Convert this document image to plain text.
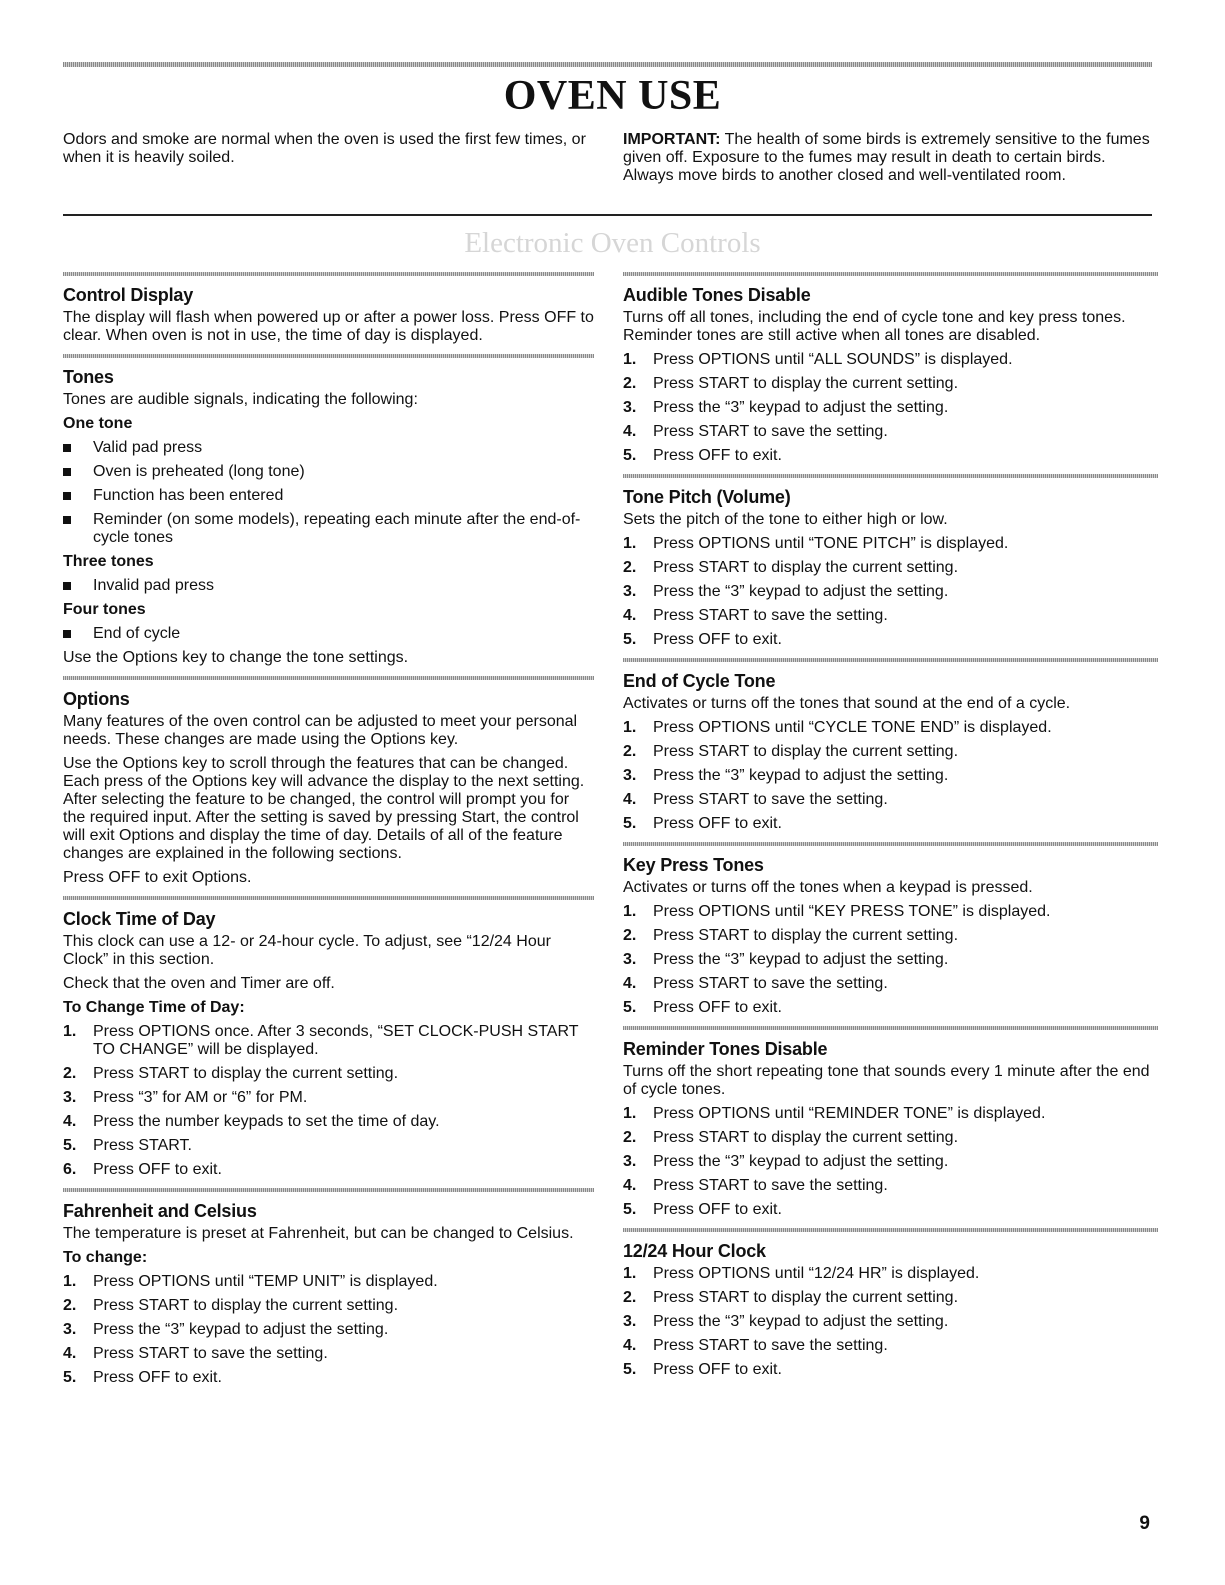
OVEN USE
Odors and smoke are normal when the oven is used the first few times, or when it is heavily soiled.
IMPORTANT: The health of some birds is extremely sensitive to the fumes given off. Exposure to the fumes may result in death to certain birds. Always move birds to another closed and well-ventilated room.
Electronic Oven Controls
Control Display
The display will flash when powered up or after a power loss. Press OFF to clear. When oven is not in use, the time of day is displayed.
Tones
Tones are audible signals, indicating the following:
One tone
Valid pad press
Oven is preheated (long tone)
Function has been entered
Reminder (on some models), repeating each minute after the end-of-cycle tones
Three tones
Invalid pad press
Four tones
End of cycle
Use the Options key to change the tone settings.
Options
Many features of the oven control can be adjusted to meet your personal needs. These changes are made using the Options key.
Use the Options key to scroll through the features that can be changed. Each press of the Options key will advance the display to the next setting. After selecting the feature to be changed, the control will prompt you for the required input. After the setting is saved by pressing Start, the control will exit Options and display the time of day. Details of all of the feature changes are explained in the following sections.
Press OFF to exit Options.
Clock Time of Day
This clock can use a 12- or 24-hour cycle. To adjust, see “12/24 Hour Clock” in this section.
Check that the oven and Timer are off.
To Change Time of Day:
1. Press OPTIONS once. After 3 seconds, “SET CLOCK-PUSH START TO CHANGE” will be displayed.
2. Press START to display the current setting.
3. Press “3” for AM or “6” for PM.
4. Press the number keypads to set the time of day.
5. Press START.
6. Press OFF to exit.
Fahrenheit and Celsius
The temperature is preset at Fahrenheit, but can be changed to Celsius.
To change:
1. Press OPTIONS until “TEMP UNIT” is displayed.
2. Press START to display the current setting.
3. Press the “3” keypad to adjust the setting.
4. Press START to save the setting.
5. Press OFF to exit.
Audible Tones Disable
Turns off all tones, including the end of cycle tone and key press tones. Reminder tones are still active when all tones are disabled.
1. Press OPTIONS until “ALL SOUNDS” is displayed.
2. Press START to display the current setting.
3. Press the “3” keypad to adjust the setting.
4. Press START to save the setting.
5. Press OFF to exit.
Tone Pitch (Volume)
Sets the pitch of the tone to either high or low.
1. Press OPTIONS until “TONE PITCH” is displayed.
2. Press START to display the current setting.
3. Press the “3” keypad to adjust the setting.
4. Press START to save the setting.
5. Press OFF to exit.
End of Cycle Tone
Activates or turns off the tones that sound at the end of a cycle.
1. Press OPTIONS until “CYCLE TONE END” is displayed.
2. Press START to display the current setting.
3. Press the “3” keypad to adjust the setting.
4. Press START to save the setting.
5. Press OFF to exit.
Key Press Tones
Activates or turns off the tones when a keypad is pressed.
1. Press OPTIONS until “KEY PRESS TONE” is displayed.
2. Press START to display the current setting.
3. Press the “3” keypad to adjust the setting.
4. Press START to save the setting.
5. Press OFF to exit.
Reminder Tones Disable
Turns off the short repeating tone that sounds every 1 minute after the end of cycle tones.
1. Press OPTIONS until “REMINDER TONE” is displayed.
2. Press START to display the current setting.
3. Press the “3” keypad to adjust the setting.
4. Press START to save the setting.
5. Press OFF to exit.
12/24 Hour Clock
1. Press OPTIONS until “12/24 HR” is displayed.
2. Press START to display the current setting.
3. Press the “3” keypad to adjust the setting.
4. Press START to save the setting.
5. Press OFF to exit.
9
